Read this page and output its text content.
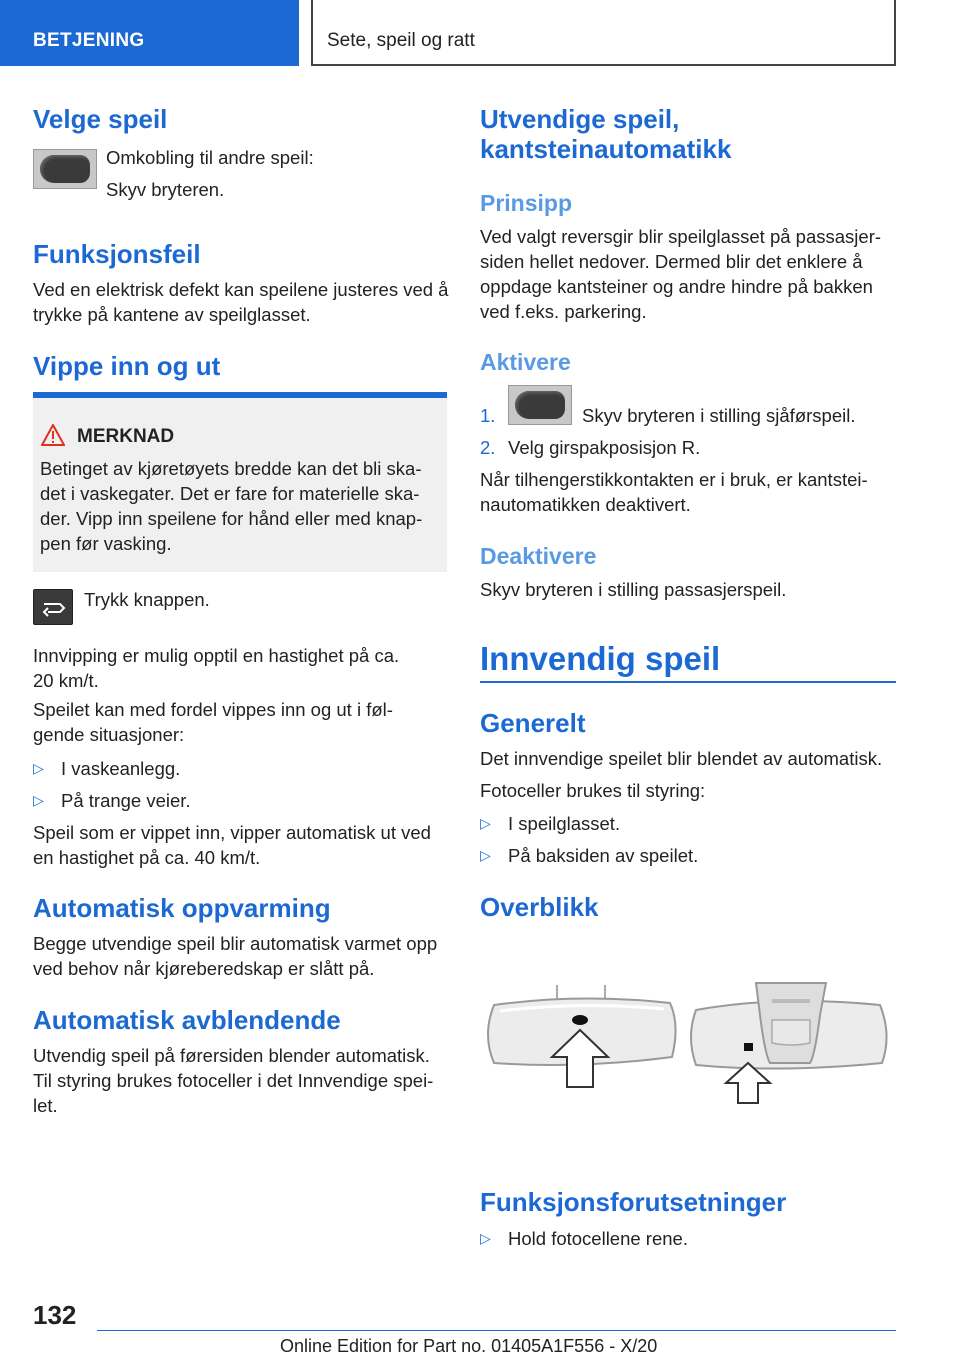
BETJENING	Sete, speil og ratt
Velge speil
Omkobling til andre speil:
Skyv bryteren.
Funksjonsfeil
Ved en elektrisk defekt kan speilene justeres ved å trykke på kantene av speilglasset.
Vippe inn og ut
MERKNAD
Betinget av kjøretøyets bredde kan det bli ska-det i vaskegater. Det er fare for materielle ska-der. Vipp inn speilene for hånd eller med knap-pen før vasking.
Trykk knappen.
Innvipping er mulig opptil en hastighet på ca. 20 km/t.
Speilet kan med fordel vippes inn og ut i føl-gende situasjoner:
▷ I vaskeanlegg.
▷ På trange veier.
Speil som er vippet inn, vipper automatisk ut ved en hastighet på ca. 40 km/t.
Automatisk oppvarming
Begge utvendige speil blir automatisk varmet opp ved behov når kjøreberedskap er slått på.
Automatisk avblendende
Utvendig speil på førersiden blender automatisk. Til styring brukes fotoceller i det Innvendige spei-let.
Utvendige speil, kantsteinautomatikk
Prinsipp
Ved valgt reversgir blir speilglasset på passasjer-siden hellet nedover. Dermed blir det enklere å oppdage kantsteiner og andre hindre på bakken ved f.eks. parkering.
Aktivere
1.	Skyv bryteren i stilling sjåførspeil.
2. Velg girspakposisjon R.
Når tilhengerstikkontakten er i bruk, er kantstei-nautomatikken deaktivert.
Deaktivere
Skyv bryteren i stilling passasjerspeil.
Innvendig speil
Generelt
Det innvendige speilet blir blendet av automatisk.
Fotoceller brukes til styring:
▷ I speilglasset.
▷ På baksiden av speilet.
Overblikk
Funksjonsforutsetninger
▷ Hold fotocellene rene.
132
Online Edition for Part no. 01405A1F556 - X/20
